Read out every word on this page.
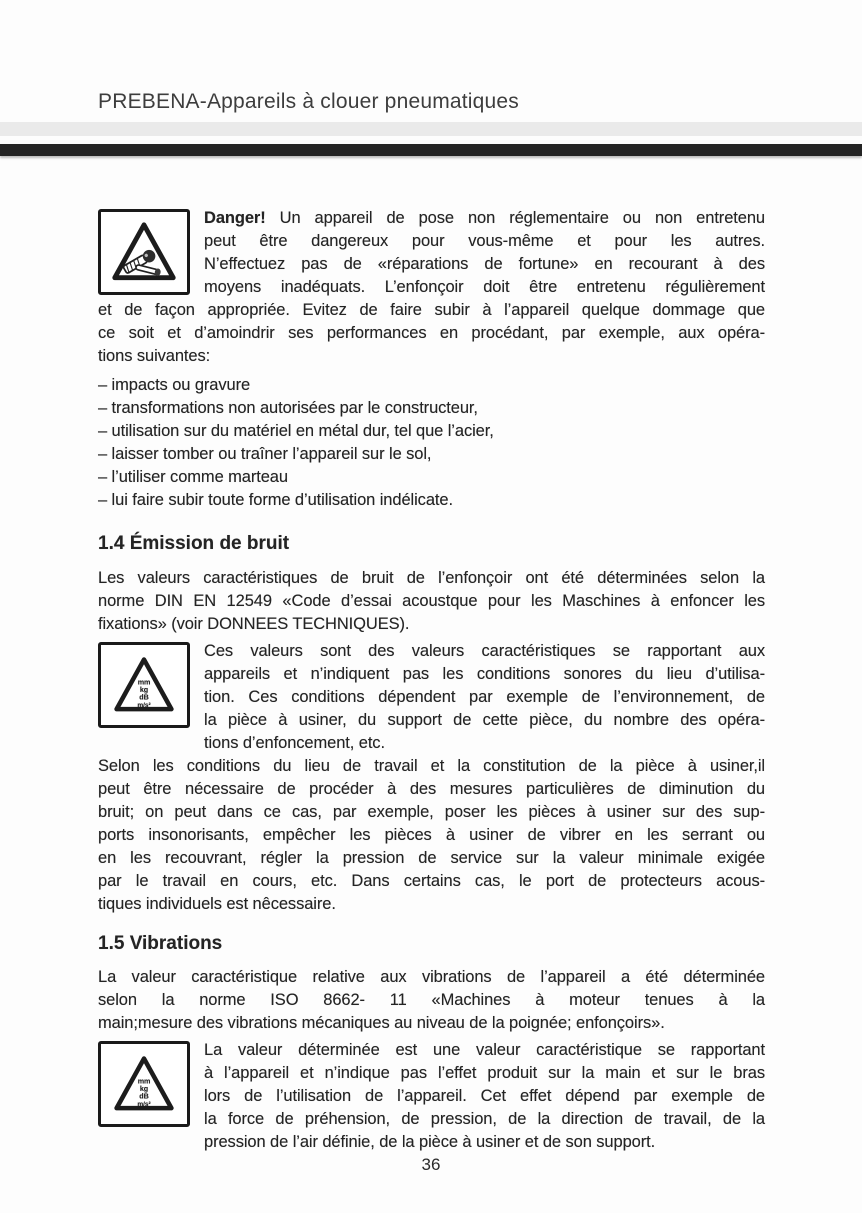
PREBENA-Appareils à clouer pneumatiques
Danger! Un appareil de pose non réglementaire ou non entretenu
peut être dangereux pour vous-même et pour les autres.
N’effectuez pas de «réparations de fortune» en recourant à des
moyens inadéquats. L’enfonçoir doit être entretenu régulièrement
et de façon appropriée. Evitez de faire subir à l’appareil quelque dommage que
ce soit et d’amoindrir ses performances en procédant, par exemple, aux opéra-
tions suivantes:
– impacts ou gravure
– transformations non autorisées par le constructeur,
– utilisation sur du matériel en métal dur, tel que l’acier,
– laisser tomber ou traîner l’appareil sur le sol,
– l’utiliser comme marteau
– lui faire subir toute forme d’utilisation indélicate.
1.4 Émission de bruit
Les valeurs caractéristiques de bruit de l’enfonçoir ont été déterminées selon la
norme DIN EN 12549 «Code d’essai acoustque pour les Maschines à enfoncer les
fixations» (voir DONNEES TECHNIQUES).
mm
kg
dB
m/s²
Ces valeurs sont des valeurs caractéristiques se rapportant aux
appareils et n’indiquent pas les conditions sonores du lieu d’utilisa-
tion. Ces conditions dépendent par exemple de l’environnement, de
la pièce à usiner, du support de cette pièce, du nombre des opéra-
tions d’enfoncement, etc.
Selon les conditions du lieu de travail et la constitution de la pièce à usiner,il
peut être nécessaire de procéder à des mesures particulières de diminution du
bruit; on peut dans ce cas, par exemple, poser les pièces à usiner sur des sup-
ports insonorisants, empêcher les pièces à usiner de vibrer en les serrant ou
en les recouvrant, régler la pression de service sur la valeur minimale exigée
par le travail en cours, etc. Dans certains cas, le port de protecteurs acous-
tiques individuels est nêcessaire.
1.5 Vibrations
La valeur caractéristique relative aux vibrations de l’appareil a été déterminée
selon la norme ISO 8662- 11 «Machines à moteur tenues à la
main;mesure des vibrations mécaniques au niveau de la poignée; enfonçoirs».
mm
kg
dB
m/s²
La valeur déterminée est une valeur caractéristique se rapportant
à l’appareil et n’indique pas l’effet produit sur la main et sur le bras
lors de l’utilisation de l’appareil. Cet effet dépend par exemple de
la force de préhension, de pression, de la direction de travail, de la
pression de l’air définie, de la pièce à usiner et de son support.
36
